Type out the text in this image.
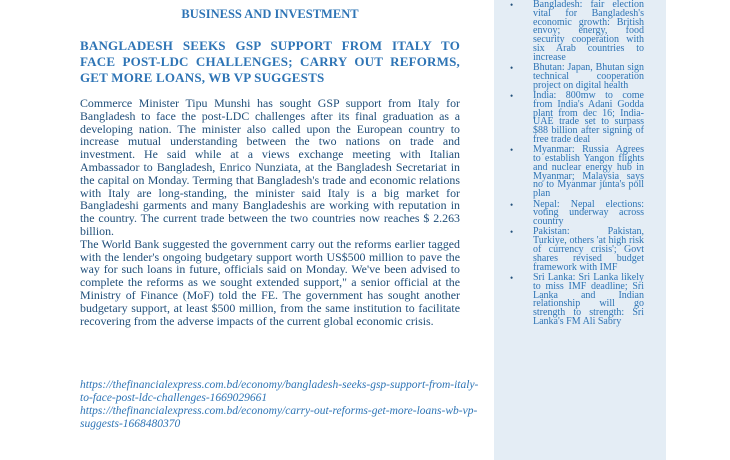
BUSINESS AND INVESTMENT
BANGLADESH SEEKS GSP SUPPORT FROM ITALY TO FACE POST-LDC CHALLENGES; CARRY OUT REFORMS, GET MORE LOANS, WB VP SUGGESTS

Commerce Minister Tipu Munshi has sought GSP support from Italy for Bangladesh to face the post-LDC challenges after its final graduation as a developing nation. The minister also called upon the European country to increase mutual understanding between the two nations on trade and investment. He said while at a views exchange meeting with Italian Ambassador to Bangladesh, Enrico Nunziata, at the Bangladesh Secretariat in the capital on Monday. Terming that Bangladesh's trade and economic relations with Italy are long-standing, the minister said Italy is a big market for Bangladeshi garments and many Bangladeshis are working with reputation in the country. The current trade between the two countries now reaches $ 2.263 billion.

The World Bank suggested the government carry out the reforms earlier tagged with the lender's ongoing budgetary support worth US$500 million to pave the way for such loans in future, officials said on Monday. We've been advised to complete the reforms as we sought extended support," a senior official at the Ministry of Finance (MoF) told the FE. The government has sought another budgetary support, at least $500 million, from the same institution to facilitate recovering from the adverse impacts of the current global economic crisis.

https://thefinancialexpress.com.bd/economy/bangladesh-seeks-gsp-support-from-italy-to-face-post-ldc-challenges-1669029661
https://thefinancialexpress.com.bd/economy/carry-out-reforms-get-more-loans-wb-vp-suggests-1668480370
• Bangladesh: fair election vital for Bangladesh's economic growth: British envoy; energy, food security cooperation with six Arab countries to increase
• Bhutan: Japan, Bhutan sign technical cooperation project on digital health
• India: 800mw to come from India's Adani Godda plant from dec 16; India-UAE trade set to surpass $88 billion after signing of free trade deal
• Myanmar: Russia Agrees to establish Yangon flights and nuclear energy hub in Myanmar; Malaysia says no to Myanmar junta's poll plan
• Nepal: Nepal elections: voting underway across country
• Pakistan: Pakistan, Turkiye, others 'at high risk of currency crisis'; Govt shares revised budget framework with IMF
• Sri Lanka: Sri Lanka likely to miss IMF deadline; Sri Lanka and Indian relationship will go strength to strength: Sri Lanka's FM Ali Sabry
